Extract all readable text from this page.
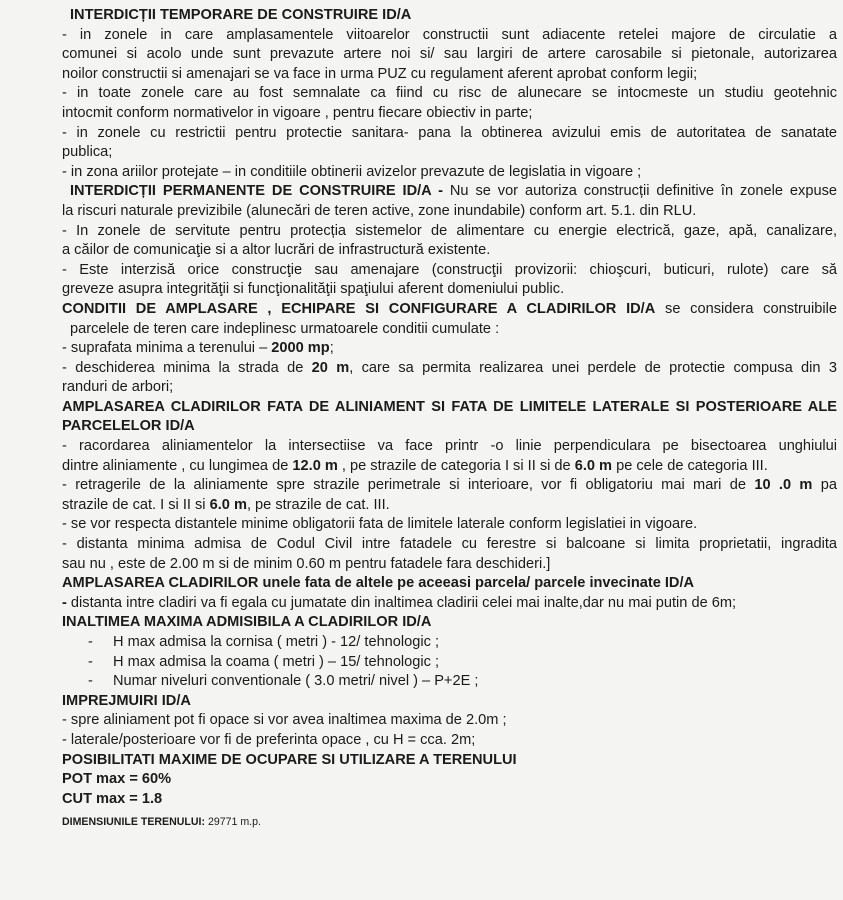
INTERDICȚII TEMPORARE DE CONSTRUIRE ID/A
- in zonele in care amplasamentele viitoarelor constructii sunt adiacente retelei majore de circulatie a
comunei si acolo unde sunt prevazute artere noi si/ sau largiri de artere carosabile si pietonale, autorizarea
noilor constructii si amenajari se va face in urma PUZ cu regulament aferent aprobat conform legii;
- in toate zonele care au fost semnalate ca fiind cu risc de alunecare se intocmeste un studiu geotehnic
intocmit conform normativelor in vigoare , pentru fiecare obiectiv in parte;
- in zonele cu restrictii pentru protectie sanitara- pana la obtinerea avizului emis de autoritatea de sanatate
publica;
- in zona ariilor protejate – in conditiile obtinerii avizelor prevazute de legislatia in vigoare ;
INTERDICȚII PERMANENTE DE CONSTRUIRE ID/A - Nu se vor autoriza construcții definitive în zonele expuse
la riscuri naturale previzibile (alunecări de teren active, zone inundabile) conform art. 5.1. din RLU.
- In zonele de servitute pentru protecția sistemelor de alimentare cu energie electrică, gaze, apă, canalizare,
a căilor de comunicaţie si a altor lucrări de infrastructură existente.
- Este interzisă orice construcţie sau amenajare (construcţii provizorii: chioşcuri, buticuri, rulote) care să
greveze asupra integrităţii si funcţionalităţii spaţiului aferent domeniului public.
CONDITII DE AMPLASARE , ECHIPARE SI CONFIGURARE A CLADIRILOR ID/A se considera construibile
parcelele de teren care indeplinesc urmatoarele conditii cumulate :
- suprafata minima a terenului – 2000 mp;
- deschiderea minima la strada de 20 m, care sa permita realizarea unei perdele de protectie compusa din 3
randuri de arbori;
AMPLASAREA CLADIRILOR FATA DE ALINIAMENT SI FATA DE LIMITELE LATERALE SI POSTERIOARE ALE
PARCELELOR ID/A
- racordarea aliniamentelor la intersectiise va face printr -o linie perpendiculara pe bisectoarea unghiului
dintre aliniamente , cu lungimea de 12.0 m , pe strazile de categoria I si II si de 6.0 m pe cele de categoria III.
- retragerile de la aliniamente spre strazile perimetrale si interioare, vor fi obligatoriu mai mari de 10 .0 m pa
strazile de cat. I si II si 6.0 m, pe strazile de cat. III.
- se vor respecta distantele minime obligatorii fata de limitele laterale conform legislatiei in vigoare.
- distanta minima admisa de Codul Civil intre fatadele cu ferestre si balcoane si limita proprietatii, ingradita
sau nu , este de 2.00 m si de minim 0.60 m pentru fatadele fara deschideri.]
AMPLASAREA CLADIRILOR unele fata de altele pe aceeasi parcela/ parcele invecinate ID/A
- distanta intre cladiri va fi egala cu jumatate din inaltimea cladirii celei mai inalte,dar nu mai putin de 6m;
INALTIMEA MAXIMA ADMISIBILA A CLADIRILOR ID/A
- H max admisa la cornisa ( metri ) - 12/ tehnologic ;
- H max admisa la coama ( metri ) – 15/ tehnologic ;
- Numar niveluri conventionale ( 3.0 metri/ nivel ) – P+2E ;
IMPREJMUIRI ID/A
- spre aliniament pot fi opace si vor avea inaltimea maxima de 2.0m ;
- laterale/posterioare vor fi de preferinta opace , cu H = cca. 2m;
POSIBILITATI MAXIME DE OCUPARE SI UTILIZARE A TERENULUI
POT max = 60%
CUT max = 1.8
DIMENSIUNILE TERENULUI: 29771 m.p.
